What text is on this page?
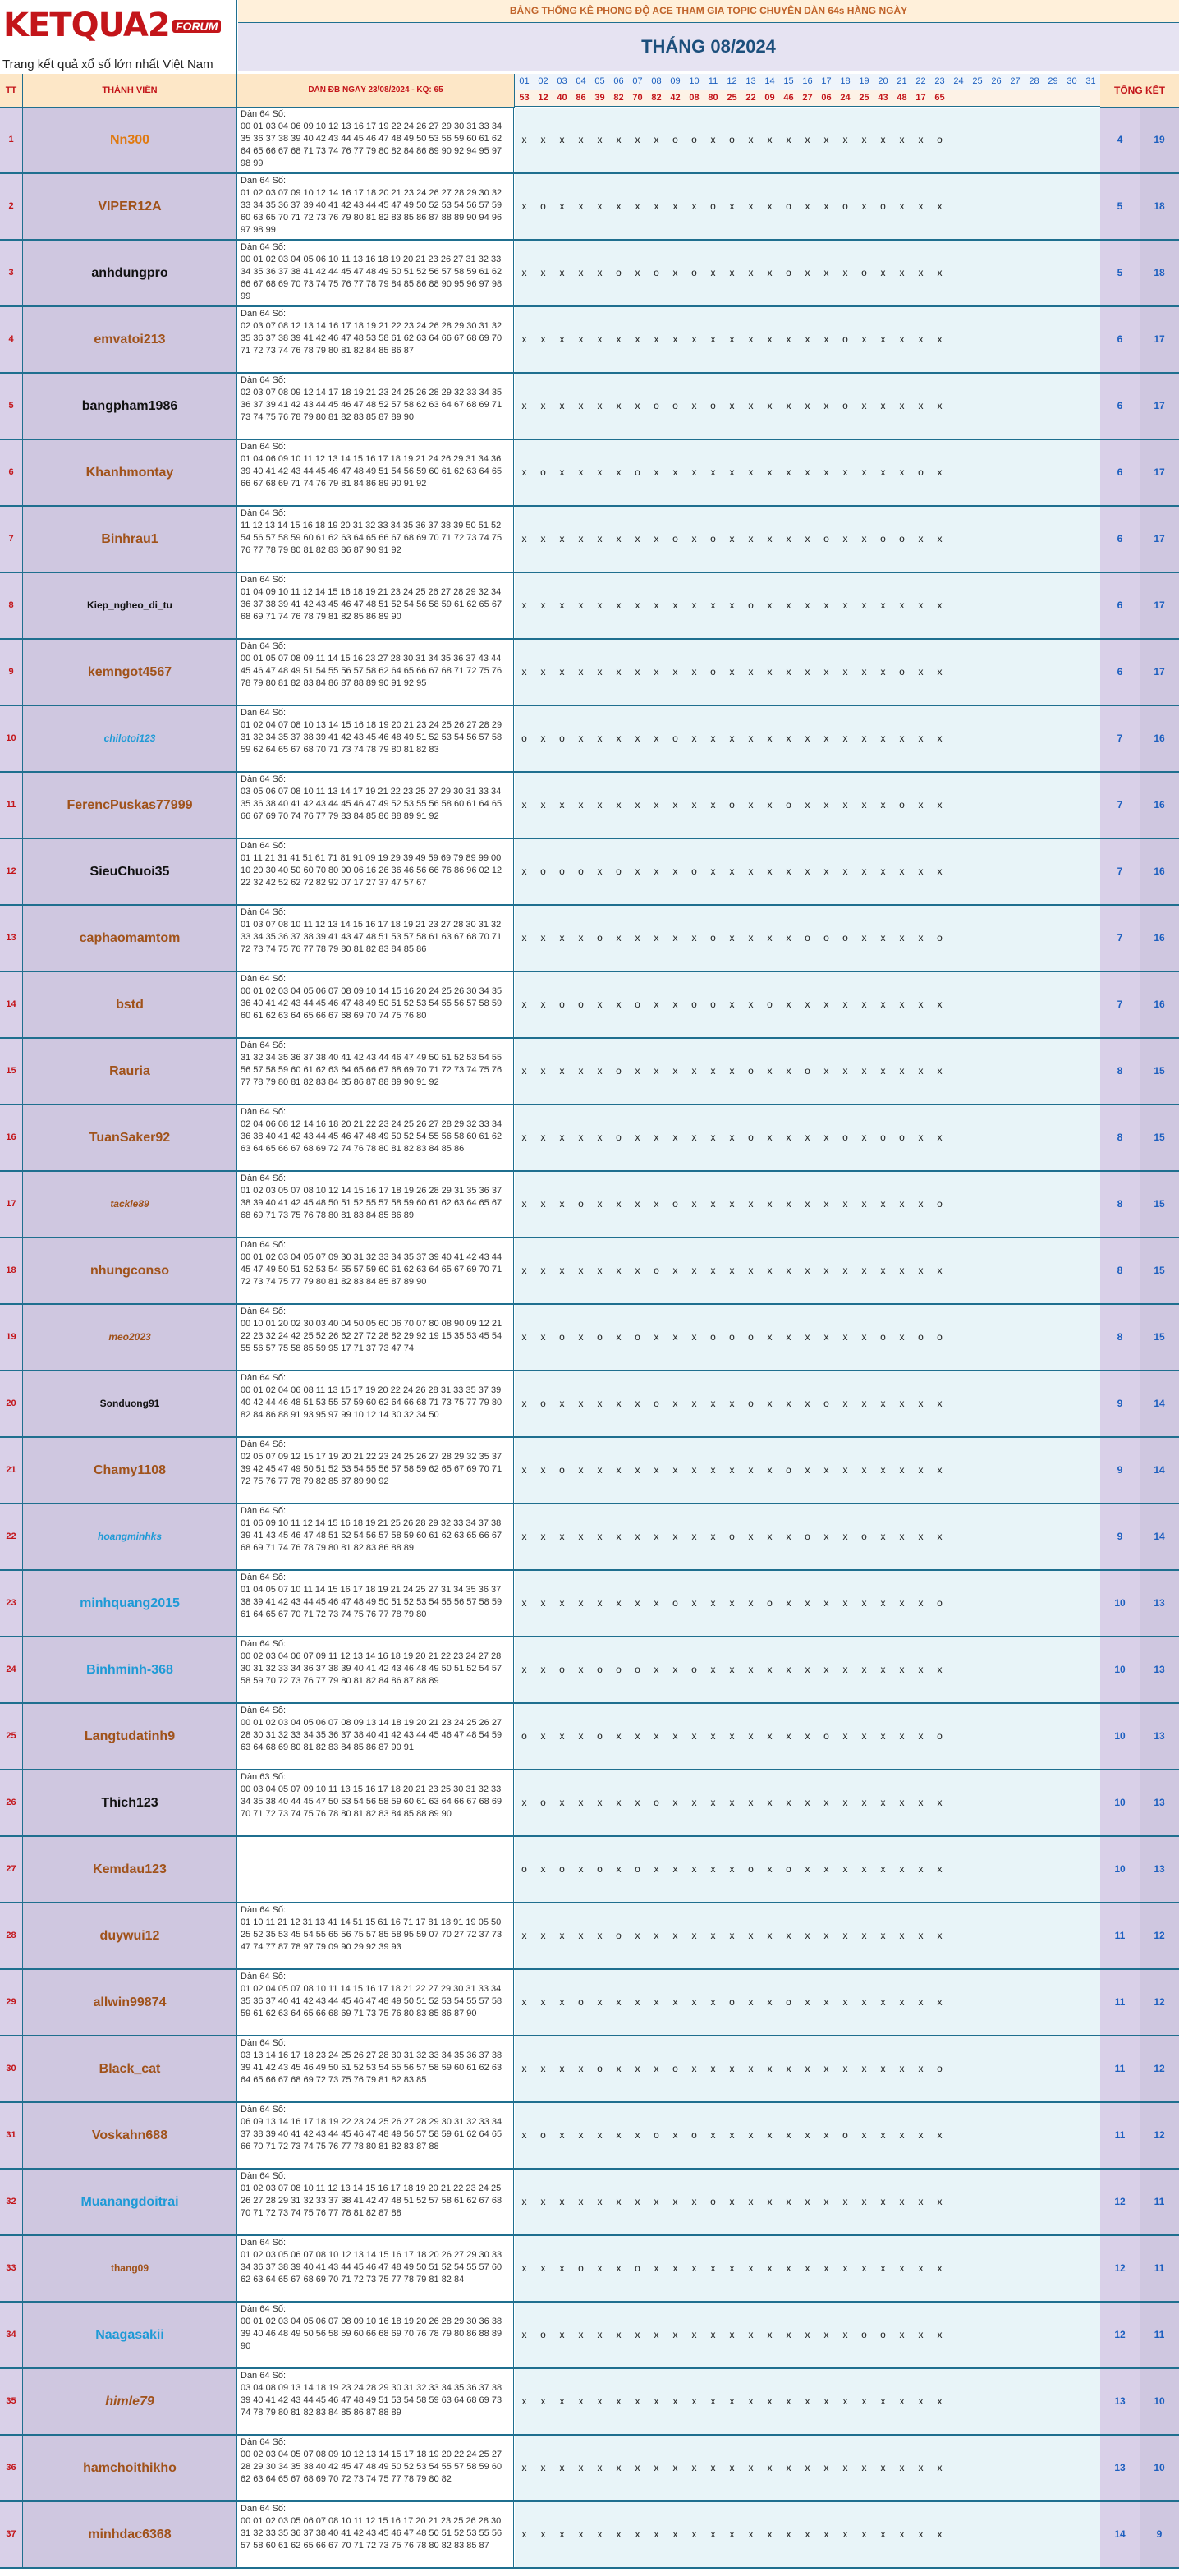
KETQUA2 FORUM
Trang kết quả xổ số lớn nhất Việt Nam
BẢNG THỐNG KÊ PHONG ĐỘ ACE THAM GIA TOPIC CHUYÊN DÀN 64s HÀNG NGÀY
THÁNG 08/2024
TT	THÀNH VIÊN	DÀN ĐB NGÀY 23/08/2024 - KQ: 65
01 02 03 04 05 06 07 08 09 10	11	12 13 14 15 16 17 18 19 20 21 22 23 24 25 26 27 28 29 30 31
53 12 40 86 39 82 70 82 42 08 80 25 22 09 46 27 06 24 25 43 48 17 65
TỔNG KẾT
1	Nn300
Dàn 64 Số:
00 01 03 04 06 09 10 12 13 16 17 19 22 24 26 27 29 30 31 33 34 35 36 37 38 39 40 42 43 44 45 46 47 48 49 50 53 56 59 60 61 62 64 65 66 67 68 71 73 74 76 77 79 80 82 84 86 89 90 92 94 95 97 98 99
x	x	x	x	x	x	x	x	o	o	x	o	x	x	x	x	x	x	x	x	x	x	o	4	19
2	VIPER12A
Dàn 64 Số:
01 02 03 07 09 10 12 14 16 17 18 20 21 23 24 26 27 28 29 30 32 33 34 35 36 37 39 40 41 42 43 44 45 47 49 50 52 53 54 56 57 59 60 63 65 70 71 72 73 76 79 80 81 82 83 85 86 87 88 89 90 94 96 97 98 99
x	o	x	x	x	x	x	x	x	x	o	x	x	x	o	x	x	o	x	o	x	x	x	5	18
3	anhdungpro
Dàn 64 Số:
00 01 02 03 04 05 06 10 11 13 16 18 19 20 21 23 26 27 31 32 33 34 35 36 37 38 41 42 44 45 47 48 49 50 51 52 56 57 58 59 61 62 66 67 68 69 70 73 74 75 76 77 78 79 84 85 86 88 90 95 96 97 98 99
x	x	x	x	x	o	x	o	x	o	x	x	x	x	o	x	x	x	o	x	x	x	x	5	18
4	emvatoi213
Dàn 64 Số:
02 03 07 08 12 13 14 16 17 18 19 21 22 23 24 26 28 29 30 31 32 35 36 37 38 39 41 42 46 47 48 53 58 61 62 63 64 66 67 68 69 70 71 72 73 74 76 78 79 80 81 82 84 85 86 87
x	x	x	x	x	x	x	x	x	x	x	x	x	x	x	x	x	o	x	x	x	x	x	6	17
5	bangpham1986
Dàn 64 Số:
02 03 07 08 09 12 14 17 18 19 21 23 24 25 26 28 29 32 33 34 35 36 37 39 41 42 43 44 45 46 47 48 52 57 58 62 63 64 67 68 69 71 73 74 75 76 78 79 80 81 82 83 85 87 89 90
x	x	x	x	x	x	x	o	o	x	o	x	x	x	x	x	x	o	x	x	x	x	x	6	17
6	Khanhmontay
Dàn 64 Số:
01 04 06 09 10 11 12 13 14 15 16 17 18 19 21 24 26 29 31 34 36 39 40 41 42 43 44 45 46 47 48 49 51 54 56 59 60 61 62 63 64 65 66 67 68 69 71 74 76 79 81 84 86 89 90 91 92
x	o	x	x	x	x	o	x	x	x	x	x	x	x	x	x	x	x	x	x	x	o	x	6	17
7	Binhrau1
Dàn 64 Số:
11 12 13 14 15 16 18 19 20 31 32 33 34 35 36 37 38 39 50 51 52 54 56 57 58 59 60 61 62 63 64 65 66 67 68 69 70 71 72 73 74 75 76 77 78 79 80 81 82 83 86 87 90 91 92
x	x	x	x	x	x	x	x	o	x	o	x	x	x	x	x	o	x	x	o	o	x	x	6	17
8	Kiep_ngheo_di_tu
Dàn 64 Số:
01 04 09 10 11 12 14 15 16 18 19 21 23 24 25 26 27 28 29 32 34 36 37 38 39 41 42 43 45 46 47 48 51 52 54 56 58 59 61 62 65 67 68 69 71 74 76 78 79 81 82 85 86 89 90
x	x	x	x	x	x	x	x	x	x	x	x	o	x	x	x	x	x	x	x	x	x	x	6	17
9	kemngot4567
Dàn 64 Số:
00 01 05 07 08 09 11 14 15 16 23 27 28 30 31 34 35 36 37 43 44 45 46 47 48 49 51 54 55 56 57 58 62 64 65 66 67 68 71 72 75 76 78 79 80 81 82 83 84 86 87 88 89 90 91 92 95
x	x	x	x	x	x	x	x	x	x	o	x	x	x	x	x	x	x	x	x	o	x	x	6	17
10	chilotoi123
Dàn 64 Số:
01 02 04 07 08 10 13 14 15 16 18 19 20 21 23 24 25 26 27 28 29 31 32 34 35 37 38 39 41 42 43 45 46 48 49 51 52 53 54 56 57 58 59 62 64 65 67 68 70 71 73 74 78 79 80 81 82 83
o	x	o	x	x	x	x	x	o	x	x	x	x	x	x	x	x	x	x	x	x	x	x	7	16
11	FerencPuskas77999
Dàn 64 Số:
03 05 06 07 08 10 11 13 14 17 19 21 22 23 25 27 29 30 31 33 34 35 36 38 40 41 42 43 44 45 46 47 49 52 53 55 56 58 60 61 64 65 66 67 69 70 74 76 77 79 83 84 85 86 88 89 91 92
x	x	x	x	x	x	x	x	x	x	x	o	x	x	o	x	x	x	x	x	o	x	x	7	16
12	SieuChuoi35
Dàn 64 Số:
01 11 21 31 41 51 61 71 81 91 09 19 29 39 49 59 69 79 89 99 00 10 20 30 40 50 60 70 80 90 06 16 26 36 46 56 66 76 86 96 02 12 22 32 42 52 62 72 82 92 07 17 27 37 47 57 67
x	o	o	o	x	o	x	x	x	o	x	x	x	x	x	x	x	x	x	x	x	x	x	7	16
13	caphaomamtom
Dàn 64 Số:
01 03 07 08 10 11 12 13 14 15 16 17 18 19 21 23 27 28 30 31 32 33 34 35 36 37 38 39 41 43 47 48 51 53 57 58 61 63 67 68 70 71 72 73 74 75 76 77 78 79 80 81 82 83 84 85 86
x	x	x	x	o	x	x	x	x	x	o	x	x	x	x	o	o	o	x	x	x	x	o	7	16
14	bstd
Dàn 64 Số:
00 01 02 03 04 05 06 07 08 09 10 14 15 16 20 24 25 26 30 34 35 36 40 41 42 43 44 45 46 47 48 49 50 51 52 53 54 55 56 57 58 59 60 61 62 63 64 65 66 67 68 69 70 74 75 76 80
x	x	o	o	x	x	o	x	x	o	o	x	x	o	x	x	x	x	x	x	x	x	x	7	16
15	Rauria
Dàn 64 Số:
31 32 34 35 36 37 38 40 41 42 43 44 46 47 49 50 51 52 53 54 55 56 57 58 59 60 61 62 63 64 65 66 67 68 69 70 71 72 73 74 75 76 77 78 79 80 81 82 83 84 85 86 87 88 89 90 91 92
x	x	x	x	x	o	x	x	x	x	x	x	o	x	x	o	x	x	x	x	x	x	x	8	15
16	TuanSaker92
Dàn 64 Số:
02 04 06 08 12 14 16 18 20 21 22 23 24 25 26 27 28 29 32 33 34 36 38 40 41 42 43 44 45 46 47 48 49 50 52 54 55 56 58 60 61 62 63 64 65 66 67 68 69 72 74 76 78 80 81 82 83 84 85 86
x	x	x	x	x	o	x	x	x	x	x	x	o	x	x	x	x	o	x	o	o	x	x	8	15
17	tackle89
Dàn 64 Số:
01 02 03 05 07 08 10 12 14 15 16 17 18 19 26 28 29 31 35 36 37 38 39 40 41 42 45 48 50 51 52 55 57 58 59 60 61 62 63 64 65 67 68 69 71 73 75 76 78 80 81 83 84 85 86 89
x	x	x	o	x	x	x	x	o	x	x	x	x	x	x	x	x	x	x	x	x	x	o	8	15
18	nhungconso
Dàn 64 Số:
00 01 02 03 04 05 07 09 30 31 32 33 34 35 37 39 40 41 42 43 44 45 47 49 50 51 52 53 54 55 57 59 60 61 62 63 64 65 67 69 70 71 72 73 74 75 77 79 80 81 82 83 84 85 87 89 90
x	x	x	x	x	x	x	o	x	x	x	x	x	x	x	x	x	x	x	x	x	x	x	8	15
19	meo2023
Dàn 64 Số:
00 10 01 20 02 30 03 40 04 50 05 60 06 70 07 80 08 90 09 12 21 22 23 32 24 42 25 52 26 62 27 72 28 82 29 92 19 15 35 53 45 54 55 56 57 75 58 85 59 95 17 71 37 73 47 74
x	x	o	x	o	x	o	x	x	x	o	o	o	x	x	x	x	x	x	o	x	o	o	8	15
20	Sonduong91
Dàn 64 Số:
00 01 02 04 06 08 11 13 15 17 19 20 22 24 26 28 31 33 35 37 39 40 42 44 46 48 51 53 55 57 59 60 62 64 66 68 71 73 75 77 79 80 82 84 86 88 91 93 95 97 99 10 12 14 30 32 34 50
x	o	x	x	x	x	x	o	x	x	x	x	o	x	x	x	o	x	x	x	x	x	x	9	14
21	Chamy1108
Dàn 64 Số:
02 05 07 09 12 15 17 19 20 21 22 23 24 25 26 27 28 29 32 35 37 39 42 45 47 49 50 51 52 53 54 55 56 57 58 59 62 65 67 69 70 71 72 75 76 77 78 79 82 85 87 89 90 92
x	x	o	x	x	x	x	x	x	x	x	x	x	x	o	x	x	x	x	x	x	x	x	9	14
22	hoangminhks
Dàn 64 Số:
01 06 09 10 11 12 14 15 16 18 19 21 25 26 28 29 32 33 34 37 38 39 41 43 45 46 47 48 51 52 54 56 57 58 59 60 61 62 63 65 66 67 68 69 71 74 76 78 79 80 81 82 83 86 88 89
x	x	x	x	x	x	x	x	x	x	x	o	x	x	x	o	x	x	o	x	x	x	x	9	14
23	minhquang2015
Dàn 64 Số:
01 04 05 07 10 11 14 15 16 17 18 19 21 24 25 27 31 34 35 36 37 38 39 41 42 43 44 45 46 47 48 49 50 51 52 53 54 55 56 57 58 59 61 64 65 67 70 71 72 73 74 75 76 77 78 79 80
x	x	x	x	x	x	x	x	o	x	x	x	x	o	x	x	x	x	x	x	x	x	o	10	13
24	Binhminh-368
Dàn 64 Số:
00 02 03 04 06 07 09 11 12 13 14 16 18 19 20 21 22 23 24 27 28 30 31 32 33 34 36 37 38 39 40 41 42 43 46 48 49 50 51 52 54 57 58 59 70 72 73 76 77 79 80 81 82 84 86 87 88 89
x	x	o	x	o	o	o	x	x	o	x	x	x	x	x	x	x	x	x	x	x	x	x	10	13
25	Langtudatinh9
Dàn 64 Số:
00 01 02 03 04 05 06 07 08 09 13 14 18 19 20 21 23 24 25 26 27 28 30 31 32 33 34 35 36 37 38 40 41 42 43 44 45 46 47 48 54 59 63 64 68 69 80 81 82 83 84 85 86 87 90 91
o	x	x	x	o	x	x	x	x	x	x	x	x	x	x	x	o	x	x	x	x	x	o	10	13
26	Thich123
Dàn 63 Số:
00 03 04 05 07 09 10 11 13 15 16 17 18 20 21 23 25 30 31 32 33 34 35 38 40 44 45 47 50 53 54 56 58 59 60 61 63 64 66 67 68 69 70 71 72 73 74 75 76 78 80 81 82 83 84 85 88 89 90
x	o	x	x	x	x	x	o	x	x	x	x	x	x	x	x	x	x	x	x	x	x	x	10	13
27	Kemdau123	o	x	o	x	o	x	o	x	x	x	x	x	o	x	o	x	x	x	x	x	x	x	x	10	13
28	duywui12
Dàn 64 Số:
01 10 11 21 12 31 13 41 14 51 15 61 16 71 17 81 18 91 19 05 50 25 52 35 53 45 54 55 65 56 75 57 85 58 95 59 07 70 27 72 37 73 47 74 77 87 78 97 79 09 90 29 92 39 93
x	x	x	x	x	o	x	x	x	x	x	x	x	x	x	x	x	x	x	x	x	x	x	11	12
29	allwin99874
Dàn 64 Số:
01 02 04 05 07 08 10 11 14 15 16 17 18 21 22 27 29 30 31 33 34 35 36 37 40 41 42 43 44 45 46 47 48 49 50 51 52 53 54 55 57 58 59 61 62 63 64 65 66 68 69 71 73 75 76 80 83 85 86 87 90
x	x	x	o	x	x	x	x	x	x	x	o	x	x	o	x	x	x	x	x	x	x	x	11	12
30	Black_cat
Dàn 64 Số:
03 13 14 16 17 18 23 24 25 26 27 28 30 31 32 33 34 35 36 37 38 39 41 42 43 45 46 49 50 51 52 53 54 55 56 57 58 59 60 61 62 63 64 65 66 67 68 69 72 73 75 76 79 81 82 83 85
x	x	x	x	o	x	x	x	o	x	x	x	x	x	x	x	x	x	x	x	x	x	o	11	12
31	Voskahn688
Dàn 64 Số:
06 09 13 14 16 17 18 19 22 23 24 25 26 27 28 29 30 31 32 33 34 37 38 39 40 41 42 43 44 45 46 47 48 49 56 57 58 59 61 62 64 65 66 70 71 72 73 74 75 76 77 78 80 81 82 83 87 88
x	o	x	x	x	x	x	o	x	o	x	x	x	x	x	x	x	o	x	x	x	x	x	11	12
32	Muanangdoitrai
Dàn 64 Số:
01 02 03 07 08 10 11 12 13 14 15 16 17 18 19 20 21 22 23 24 25 26 27 28 29 31 32 33 37 38 41 42 47 48 51 52 57 58 61 62 67 68 70 71 72 73 74 75 76 77 78 81 82 87 88
x	x	x	x	x	x	x	x	x	x	o	x	x	x	x	x	x	x	x	x	x	x	x	12	11
33	thang09
Dàn 64 Số:
01 02 03 05 06 07 08 10 12 13 14 15 16 17 18 20 26 27 29 30 33 34 36 37 38 39 40 41 43 44 45 46 47 48 49 50 51 52 54 55 57 60 62 63 64 65 67 68 69 70 71 72 73 75 77 78 79 81 82 84
x	x	x	o	x	x	o	x	x	x	x	x	x	x	x	x	x	x	x	x	x	x	x	12	11
34	Naagasakii
Dàn 64 Số:
00 01 02 03 04 05 06 07 08 09 10 16 18 19 20 26 28 29 30 36 38 39 40 46 48 49 50 56 58 59 60 66 68 69 70 76 78 79 80 86 88 89 90
x	o	x	x	x	x	x	x	x	x	x	x	x	x	x	x	x	x	o	o	x	x	x	12	11
35	himle79
Dàn 64 Số:
03 04 08 09 13 14 18 19 23 24 28 29 30 31 32 33 34 35 36 37 38 39 40 41 42 43 44 45 46 47 48 49 51 53 54 58 59 63 64 68 69 73 74 78 79 80 81 82 83 84 85 86 87 88 89
x	x	x	x	x	x	x	x	x	x	x	x	x	x	x	x	x	x	x	x	x	x	x	13	10
36	hamchoithikho
Dàn 64 Số:
00 02 03 04 05 07 08 09 10 12 13 14 15 17 18 19 20 22 24 25 27 28 29 30 34 35 38 40 42 45 47 48 49 50 52 53 54 55 57 58 59 60 62 63 64 65 67 68 69 70 72 73 74 75 77 78 79 80 82
x	x	x	x	x	x	x	x	x	x	x	x	x	x	x	x	x	x	x	x	x	x	x	13	10
37	minhdac6368
Dàn 64 Số:
00 01 02 03 05 06 07 08 10 11 12 15 16 17 20 21 23 25 26 28 30 31 32 33 35 36 37 38 40 41 42 43 45 46 47 48 50 51 52 53 55 56 57 58 60 61 62 65 66 67 70 71 72 73 75 76 78 80 82 83 85 87
x	x	x	x	x	x	x	x	x	x	x	x	x	x	x	x	x	x	x	x	x	x	x	14	9
